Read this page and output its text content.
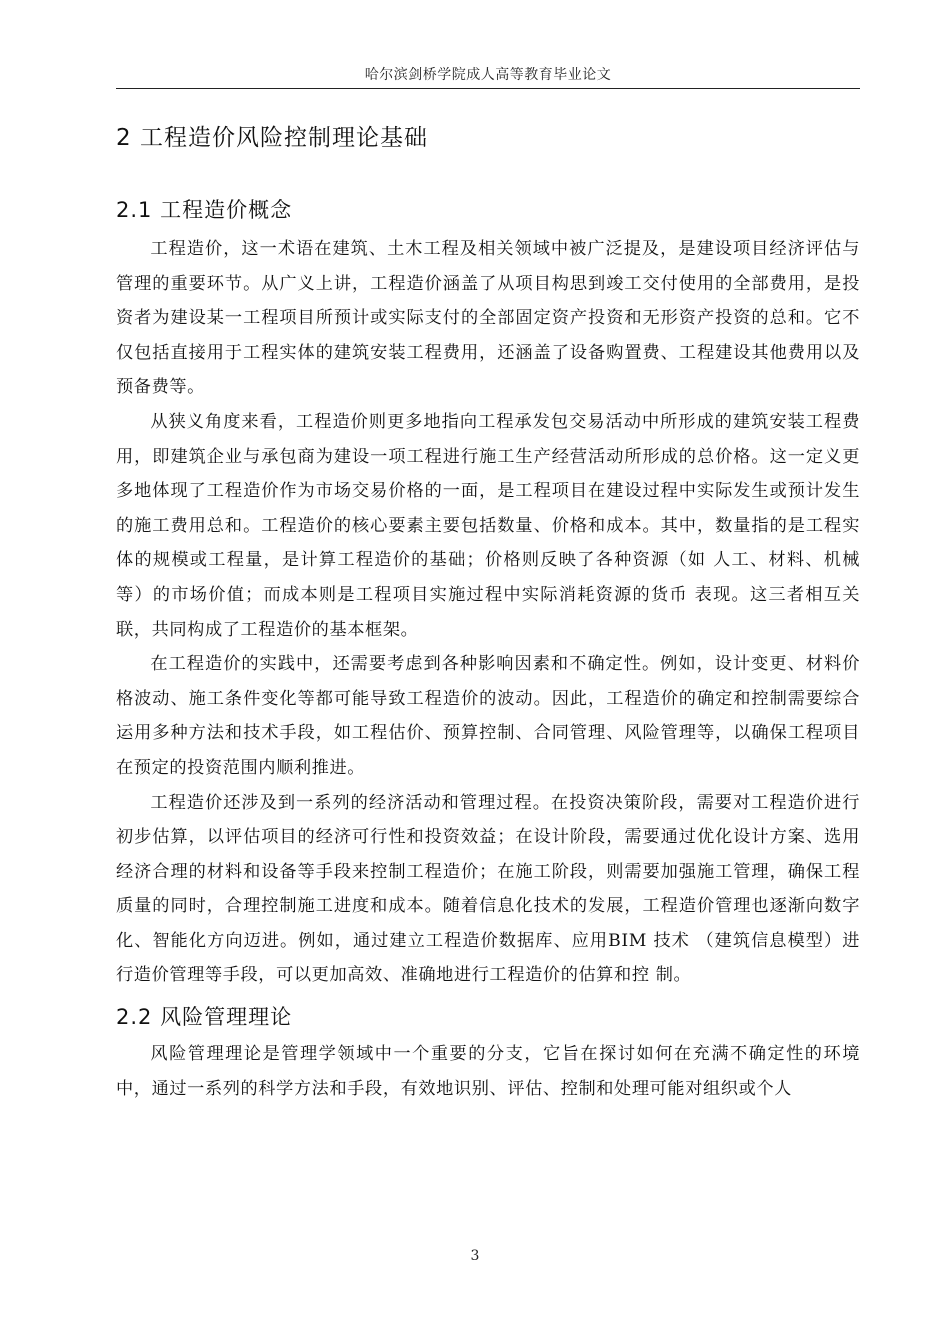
哈尔滨剑桥学院成人高等教育毕业论文
2 工程造价风险控制理论基础
2.1 工程造价概念

工程造价，这一术语在建筑、土木工程及相关领域中被广泛提及，是建设项目经济评估与管理的重要环节。从广义上讲，工程造价涵盖了从项目构思到竣工交付使用的全部费用，是投资者为建设某一工程项目所预计或实际支付的全部固定资产投资和无形资产投资的总和。它不仅包括直接用于工程实体的建筑安装工程费用，还涵盖了设备购置费、工程建设其他费用以及预备费等。

从狭义角度来看，工程造价则更多地指向工程承发包交易活动中所形成的建筑安装工程费用，即建筑企业与承包商为建设一项工程进行施工生产经营活动所形成的总价格。这一定义更多地体现了工程造价作为市场交易价格的一面，是工程项目在建设过程中实际发生或预计发生的施工费用总和。工程造价的核心要素主要包括数量、价格和成本。其中，数量指的是工程实体的规模或工程量，是计算工程造价的基础；价格则反映了各种资源（如 人工、材料、机械等）的市场价值；而成本则是工程项目实施过程中实际消耗资源的货币 表现。这三者相互关联，共同构成了工程造价的基本框架。

在工程造价的实践中，还需要考虑到各种影响因素和不确定性。例如，设计变更、材料价格波动、施工条件变化等都可能导致工程造价的波动。因此，工程造价的确定和控制需要综合运用多种方法和技术手段，如工程估价、预算控制、合同管理、风险管理等，以确保工程项目在预定的投资范围内顺利推进。

工程造价还涉及到一系列的经济活动和管理过程。在投资决策阶段，需要对工程造价进行初步估算，以评估项目的经济可行性和投资效益；在设计阶段，需要通过优化设计方案、选用经济合理的材料和设备等手段来控制工程造价；在施工阶段，则需要加强施工管理，确保工程质量的同时，合理控制施工进度和成本。随着信息化技术的发展，工程造价管理也逐渐向数字化、智能化方向迈进。例如，通过建立工程造价数据库、应用BIM 技术 （建筑信息模型）进行造价管理等手段，可以更加高效、准确地进行工程造价的估算和控 制。

2.2 风险管理理论

风险管理理论是管理学领域中一个重要的分支，它旨在探讨如何在充满不确定性的环境中，通过一系列的科学方法和手段，有效地识别、评估、控制和处理可能对组织或个人

3
